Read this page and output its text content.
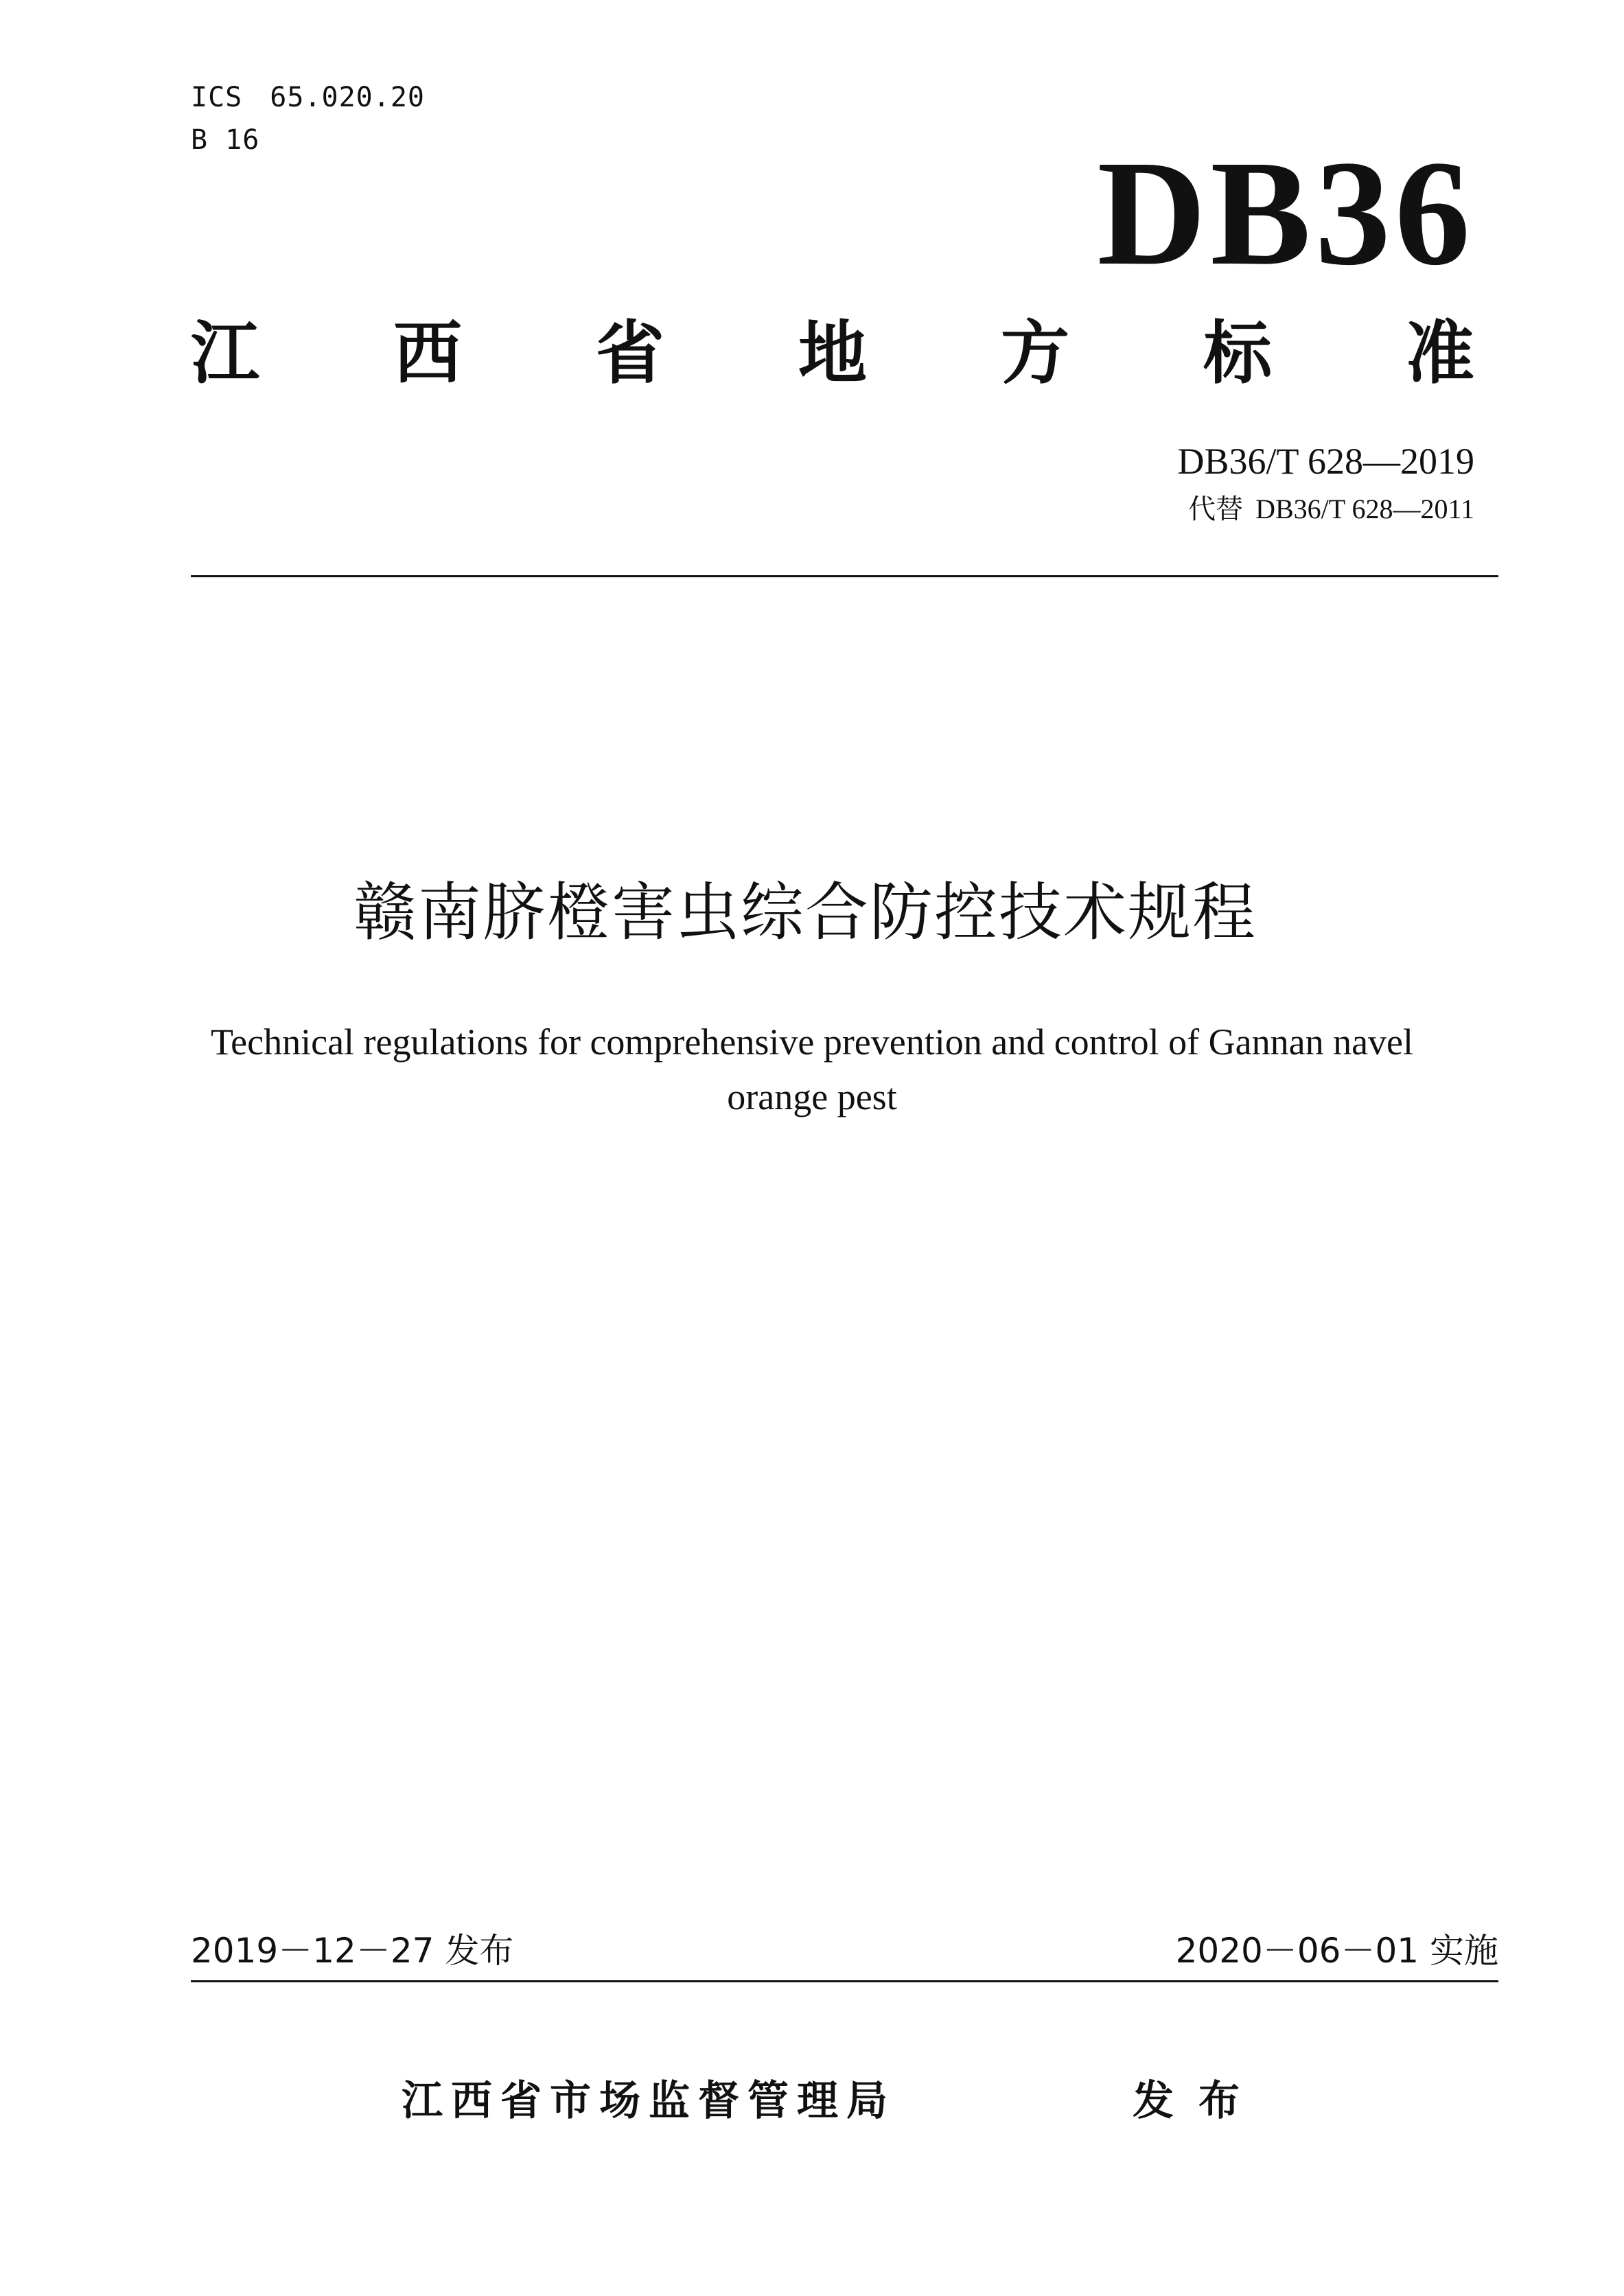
ICS 65.020.20

B 16	DB36
江 西 省 地 方 标 准
DB36/T 628—2019
代替 DB36/T 628—2011
赣南脐橙害虫综合防控技术规程
Technical regulations for comprehensive prevention and control of Gannan navel
orange pest
2019－12－27 发布	2020－06－01 实施
江西省市场监督管理局	发布
